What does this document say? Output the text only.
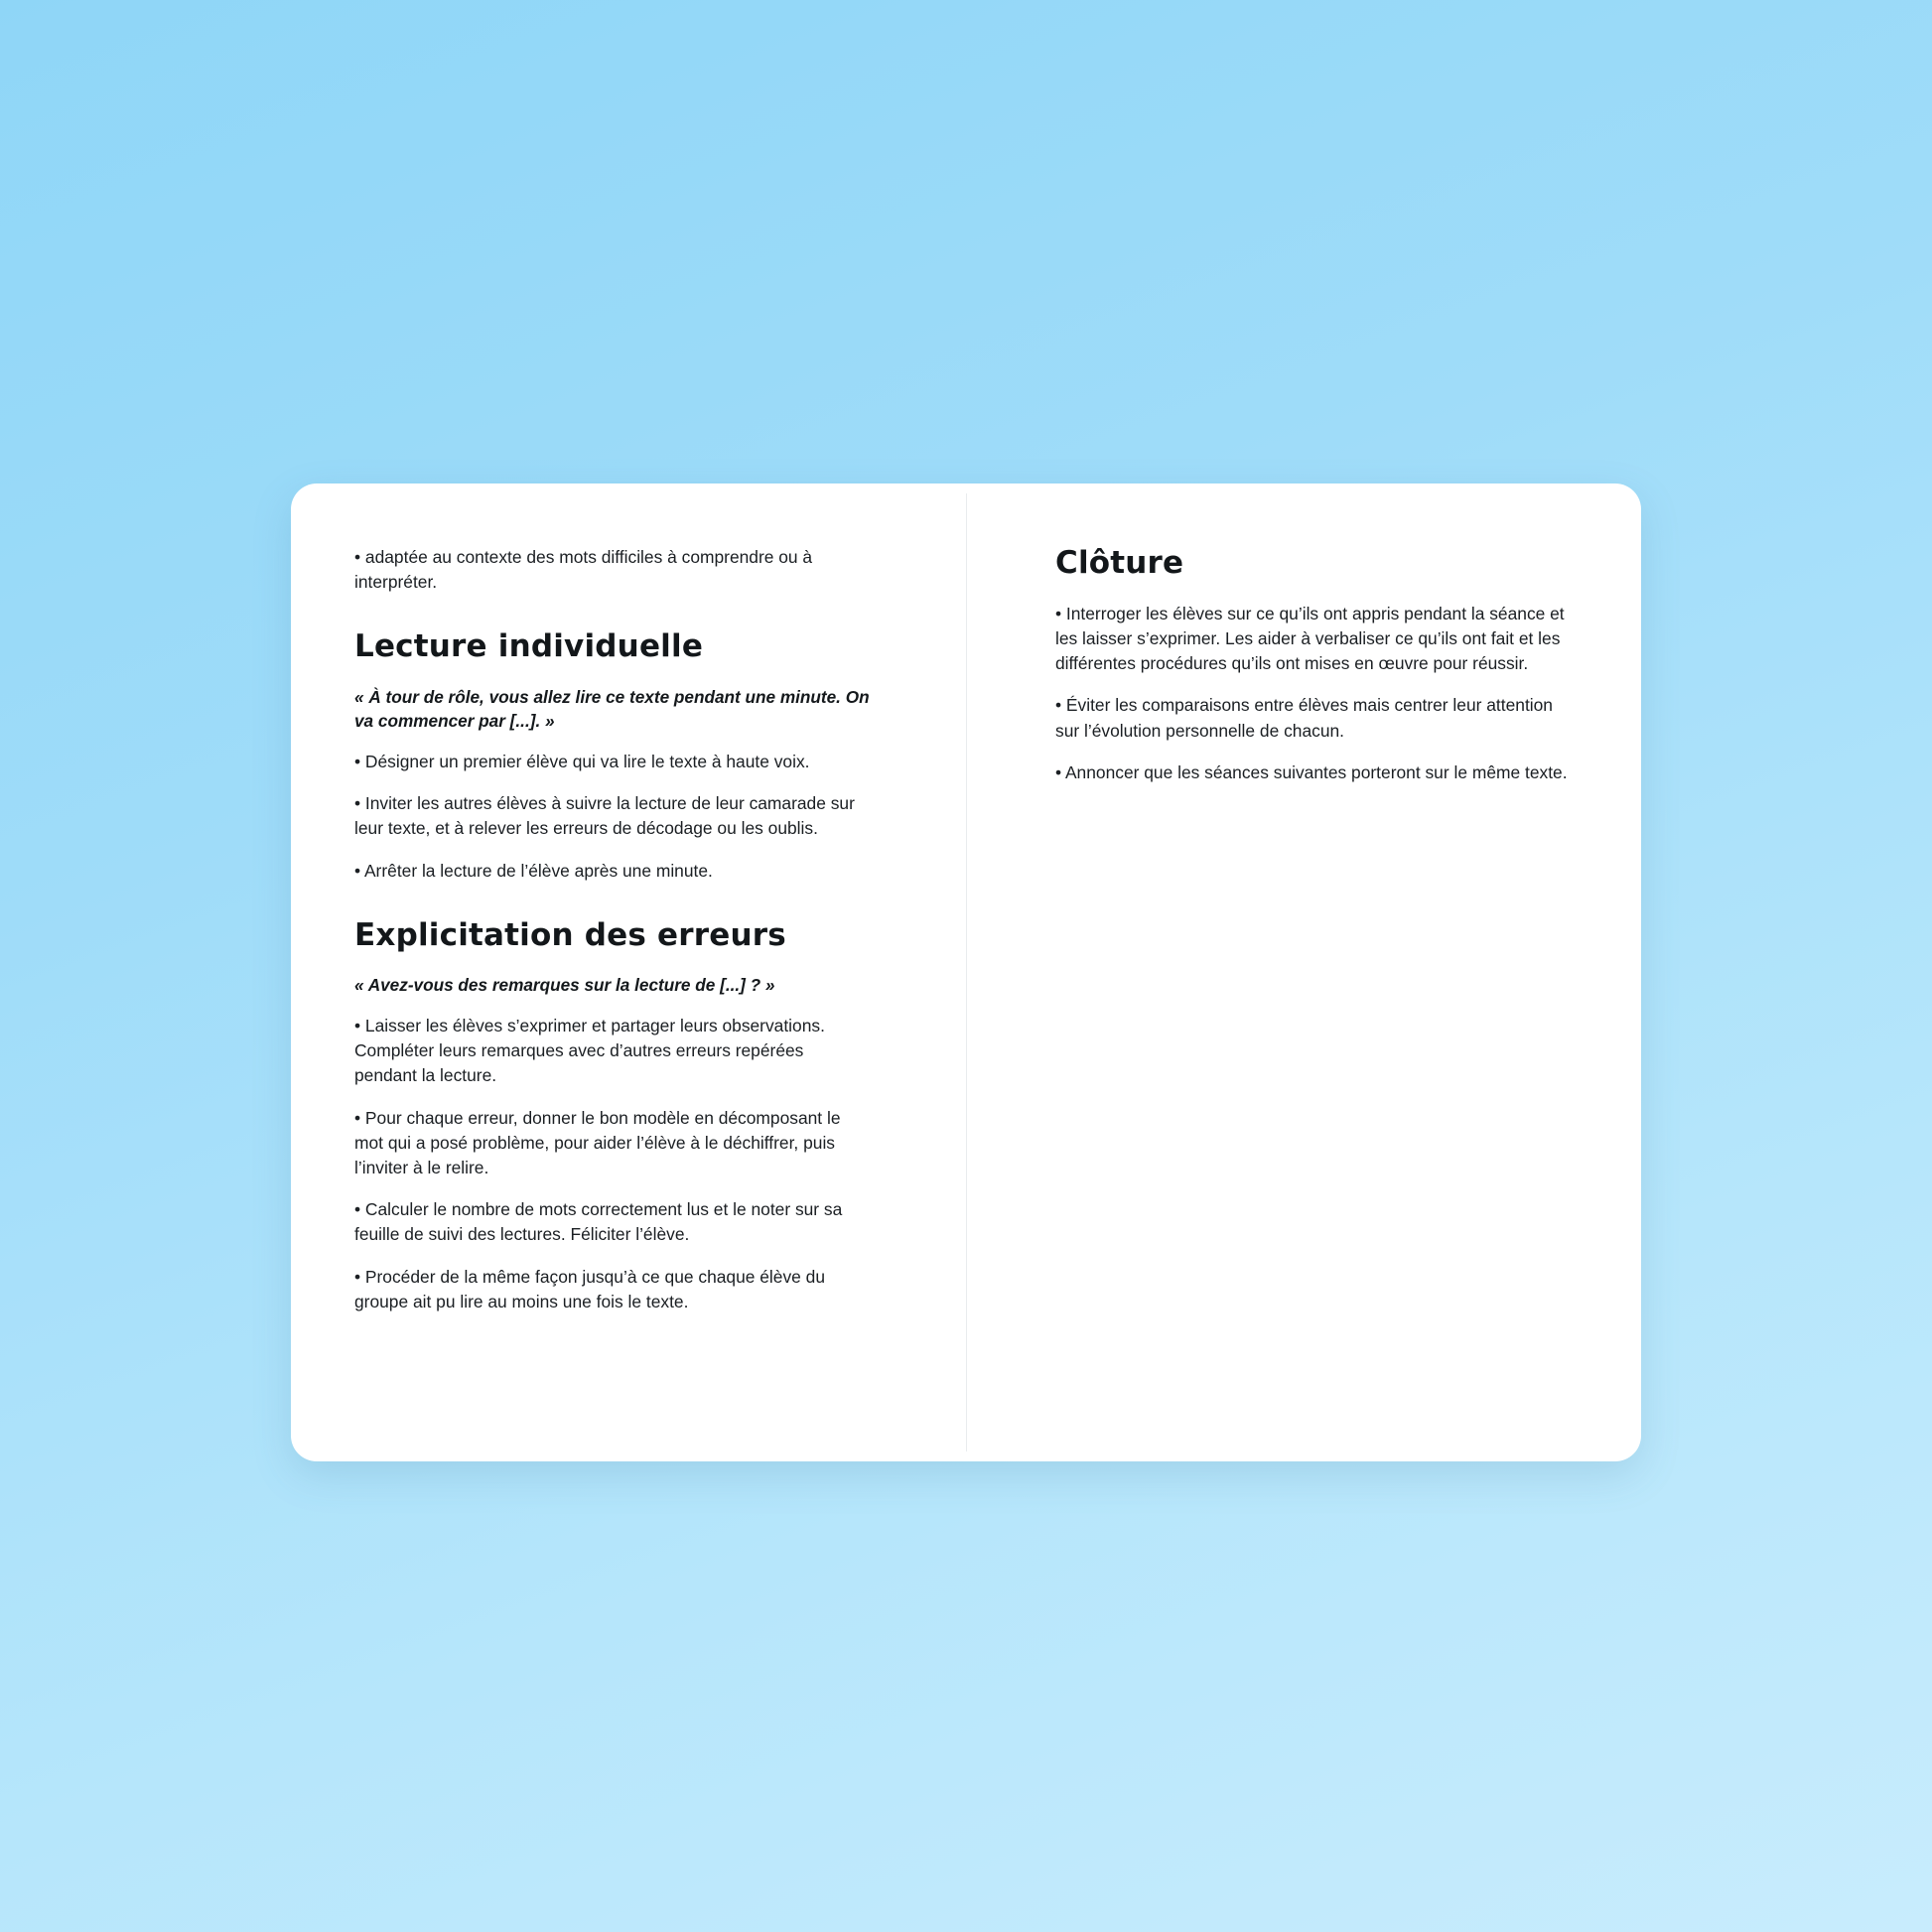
• adaptée au contexte des mots difficiles à comprendre ou à interpréter.

Lecture individuelle

« À tour de rôle, vous allez lire ce texte pendant une minute. On va commencer par [...]. »

• Désigner un premier élève qui va lire le texte à haute voix.

• Inviter les autres élèves à suivre la lecture de leur camarade sur leur texte, et à relever les erreurs de décodage ou les oublis.

• Arrêter la lecture de l’élève après une minute.

Explicitation des erreurs

« Avez-vous des remarques sur la lecture de [...] ? »

• Laisser les élèves s’exprimer et partager leurs observations. Compléter leurs remarques avec d’autres erreurs repérées pendant la lecture.

• Pour chaque erreur, donner le bon modèle en décomposant le mot qui a posé problème, pour aider l’élève à le déchiffrer, puis l’inviter à le relire.

• Calculer le nombre de mots correctement lus et le noter sur sa feuille de suivi des lectures. Féliciter l’élève.

• Procéder de la même façon jusqu’à ce que chaque élève du groupe ait pu lire au moins une fois le texte.

Clôture

• Interroger les élèves sur ce qu’ils ont appris pendant la séance et les laisser s’exprimer. Les aider à verbaliser ce qu’ils ont fait et les différentes procédures qu’ils ont mises en œuvre pour réussir.

• Éviter les comparaisons entre élèves mais centrer leur attention sur l’évolution personnelle de chacun.

• Annoncer que les séances suivantes porteront sur le même texte.
